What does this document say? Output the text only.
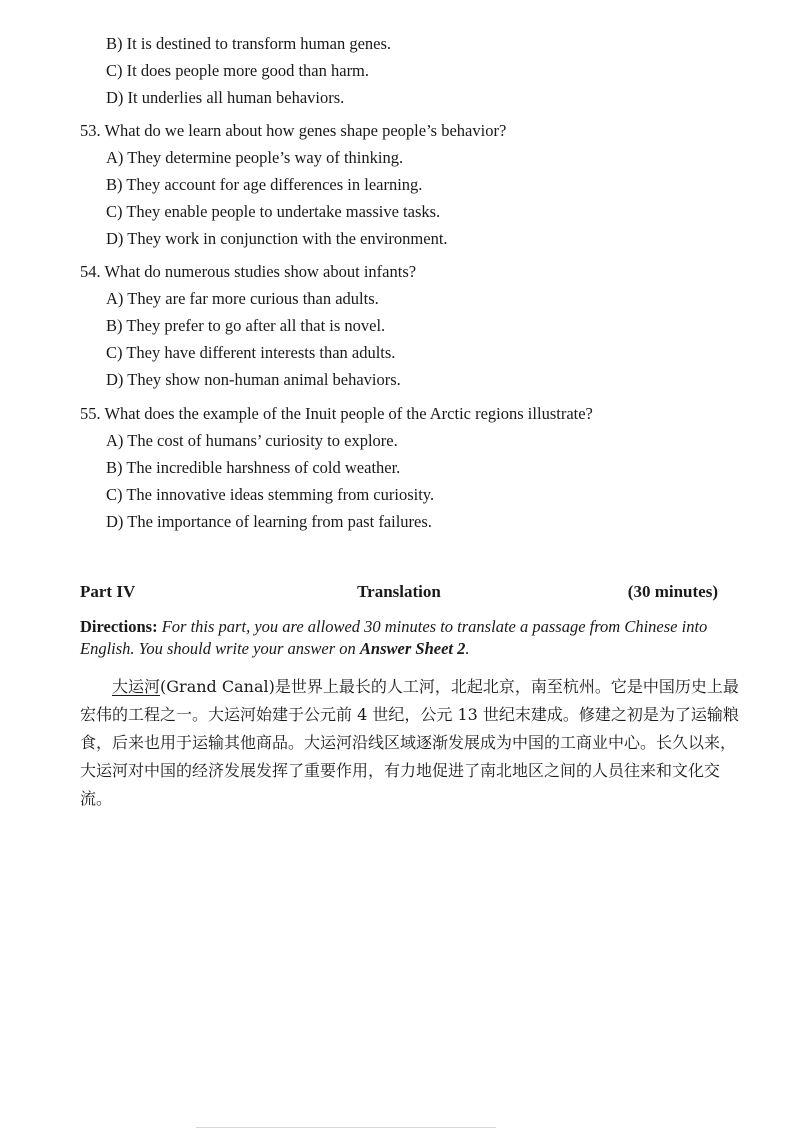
B) It is destined to transform human genes.
C) It does people more good than harm.
D) It underlies all human behaviors.
53. What do we learn about how genes shape people’s behavior?
A) They determine people’s way of thinking.
B) They account for age differences in learning.
C) They enable people to undertake massive tasks.
D) They work in conjunction with the environment.
54. What do numerous studies show about infants?
A) They are far more curious than adults.
B) They prefer to go after all that is novel.
C) They have different interests than adults.
D) They show non-human animal behaviors.
55. What does the example of the Inuit people of the Arctic regions illustrate?
A) The cost of humans’ curiosity to explore.
B) The incredible harshness of cold weather.
C) The innovative ideas stemming from curiosity.
D) The importance of learning from past failures.
Translation
Part IV	(30 minutes)
Directions: For this part, you are allowed 30 minutes to translate a passage from Chinese into
English. You should write your answer on Answer Sheet 2.
大运河(Grand Canal)是世界上最长的人工河，北起北京，南至杭州。它是中国历史上最
宏伟的工程之一。大运河始建于公元前 4 世纪，公元 13 世纪末建成。修建之初是为了运输粮
食，后来也用于运输其他商品。大运河沿线区域逐渐发展成为中国的工商业中心。长久以来，
大运河对中国的经济发展发挥了重要作用，有力地促进了南北地区之间的人员往来和文化交
流。
